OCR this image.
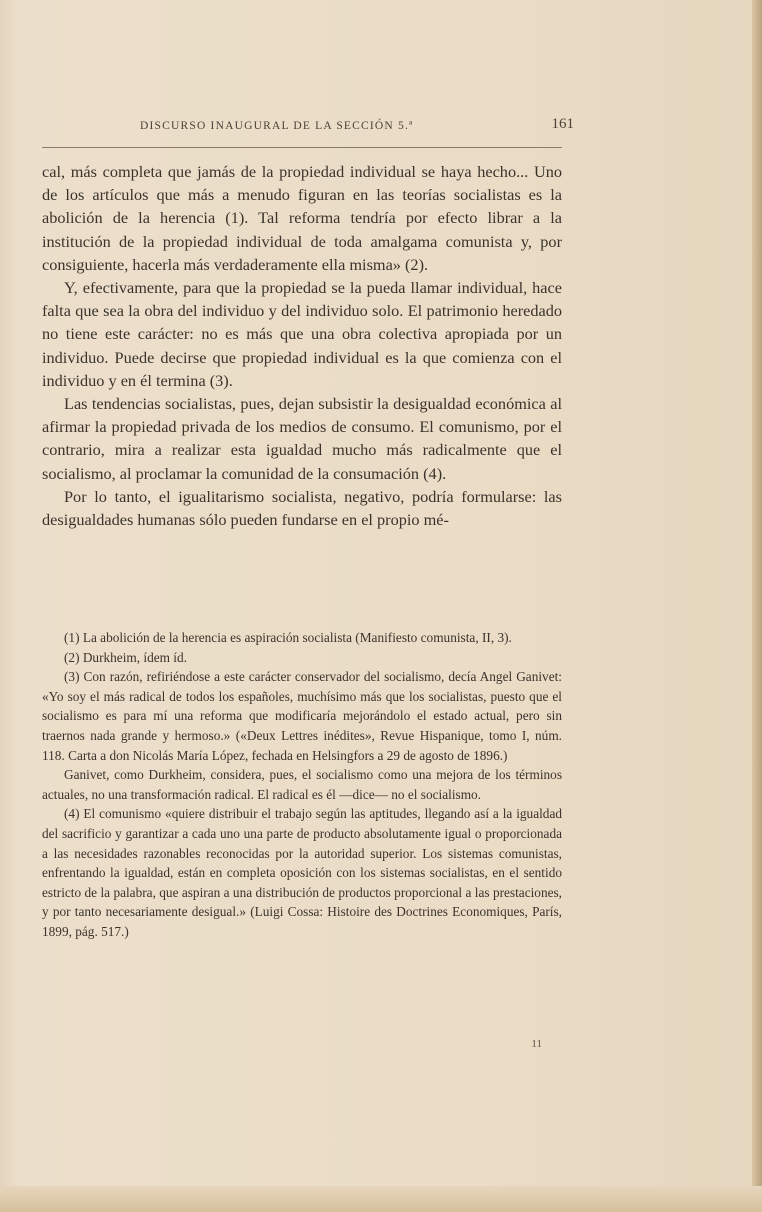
DISCURSO INAUGURAL DE LA SECCIÓN 5.ª	161

cal, más completa que jamás de la propiedad individual se haya hecho... Uno de los artículos que más a menudo figuran en las teorías socialistas es la abolición de la herencia (1). Tal reforma tendría por efecto librar a la institución de la propiedad individual de toda amalgama comunista y, por consiguiente, hacerla más verdaderamente ella misma» (2).

Y, efectivamente, para que la propiedad se la pueda llamar individual, hace falta que sea la obra del individuo y del individuo solo. El patrimonio heredado no tiene este carácter: no es más que una obra colectiva apropiada por un individuo. Puede decirse que propiedad individual es la que comienza con el individuo y en él termina (3).

Las tendencias socialistas, pues, dejan subsistir la desigualdad económica al afirmar la propiedad privada de los medios de consumo. El comunismo, por el contrario, mira a realizar esta igualdad mucho más radicalmente que el socialismo, al proclamar la comunidad de la consumación (4).

Por lo tanto, el igualitarismo socialista, negativo, podría formularse: las desigualdades humanas sólo pueden fundarse en el propio mé-

(1) La abolición de la herencia es aspiración socialista (Manifiesto comunista, II, 3).

(2) Durkheim, ídem íd.

(3) Con razón, refiriéndose a este carácter conservador del socialismo, decía Angel Ganivet: «Yo soy el más radical de todos los españoles, muchísimo más que los socialistas, puesto que el socialismo es para mí una reforma que modificaría mejorándolo el estado actual, pero sin traernos nada grande y hermoso.» («Deux Lettres inédites», Revue Hispanique, tomo I, núm. 118. Carta a don Nicolás María López, fechada en Helsingfors a 29 de agosto de 1896.)

Ganivet, como Durkheim, considera, pues, el socialismo como una mejora de los términos actuales, no una transformación radical. El radical es él —dice— no el socialismo.

(4) El comunismo «quiere distribuir el trabajo según las aptitudes, llegando así a la igualdad del sacrificio y garantizar a cada uno una parte de producto absolutamente igual o proporcionada a las necesidades razonables reconocidas por la autoridad superior. Los sistemas comunistas, enfrentando la igualdad, están en completa oposición con los sistemas socialistas, en el sentido estricto de la palabra, que aspiran a una distribución de productos proporcional a las prestaciones, y por tanto necesariamente desigual.» (Luigi Cossa: Histoire des Doctrines Economiques, París, 1899, pág. 517.)

11
